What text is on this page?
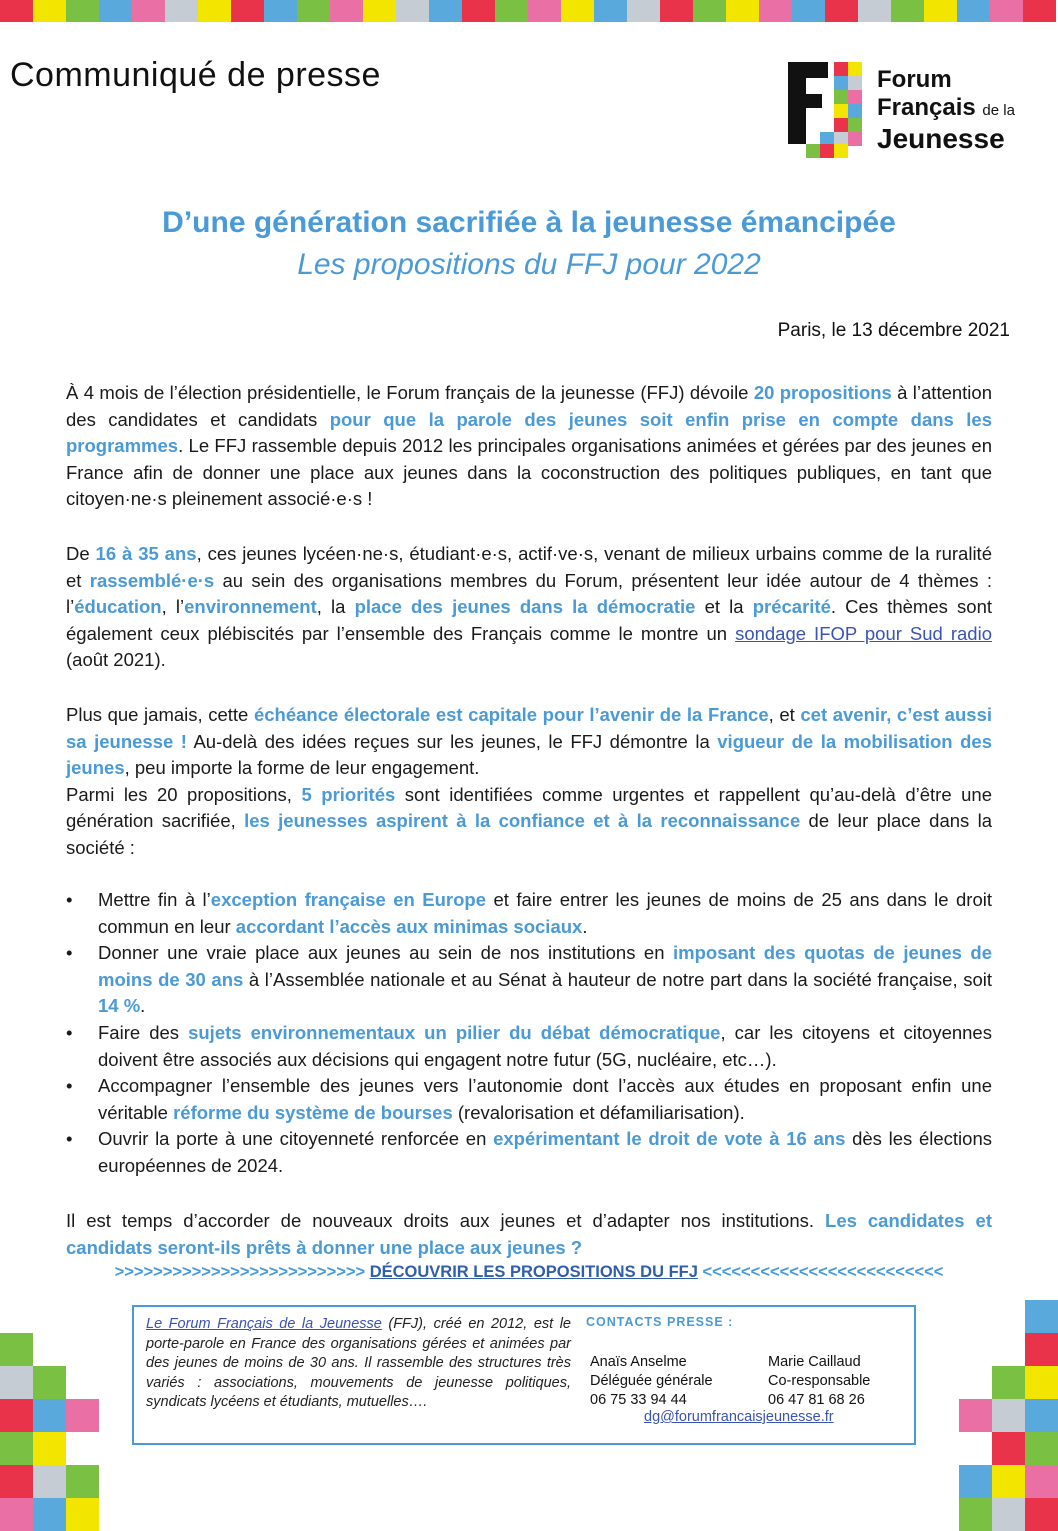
Communiqué de presse	Forum
Français de la
Jeunesse
D’une génération sacrifiée à la jeunesse émancipée
Les propositions du FFJ pour 2022
Paris, le 13 décembre 2021

À 4 mois de l’élection présidentielle, le Forum français de la jeunesse (FFJ) dévoile 20 propositions à l’attention des candidates et candidats pour que la parole des jeunes soit enfin prise en compte dans les programmes. Le FFJ rassemble depuis 2012 les principales organisations animées et gérées par des jeunes en France afin de donner une place aux jeunes dans la coconstruction des politiques publiques, en tant que citoyen·ne·s pleinement associé·e·s !

De 16 à 35 ans, ces jeunes lycéen·ne·s, étudiant·e·s, actif·ve·s, venant de milieux urbains comme de la ruralité et rassemblé·e·s au sein des organisations membres du Forum, présentent leur idée autour de 4 thèmes : l’éducation, l’environnement, la place des jeunes dans la démocratie et la précarité. Ces thèmes sont également ceux plébiscités par l’ensemble des Français comme le montre un sondage IFOP pour Sud radio (août 2021).

Plus que jamais, cette échéance électorale est capitale pour l’avenir de la France, et cet avenir, c’est aussi sa jeunesse ! Au-delà des idées reçues sur les jeunes, le FFJ démontre la vigueur de la mobilisation des jeunes, peu importe la forme de leur engagement.

Parmi les 20 propositions, 5 priorités sont identifiées comme urgentes et rappellent qu’au-delà d’être une génération sacrifiée, les jeunesses aspirent à la confiance et à la reconnaissance de leur place dans la société :

• Mettre fin à l’exception française en Europe et faire entrer les jeunes de moins de 25 ans dans le droit commun en leur accordant l’accès aux minimas sociaux.
• Donner une vraie place aux jeunes au sein de nos institutions en imposant des quotas de jeunes de moins de 30 ans à l’Assemblée nationale et au Sénat à hauteur de notre part dans la société française, soit 14 %.
• Faire des sujets environnementaux un pilier du débat démocratique, car les citoyens et citoyennes doivent être associés aux décisions qui engagent notre futur (5G, nucléaire, etc…).
• Accompagner l’ensemble des jeunes vers l’autonomie dont l’accès aux études en proposant enfin une véritable réforme du système de bourses (revalorisation et défamiliarisation).
• Ouvrir la porte à une citoyenneté renforcée en expérimentant le droit de vote à 16 ans dès les élections européennes de 2024.

Il est temps d’accorder de nouveaux droits aux jeunes et d’adapter nos institutions. Les candidates et candidats seront-ils prêts à donner une place aux jeunes ?

>>>>>>>>>>>>>>>>>>>>>>>>>> DÉCOUVRIR LES PROPOSITIONS DU FFJ <<<<<<<<<<<<<<<<<<<<<<<<<
Le Forum Français de la Jeunesse (FFJ), créé en 2012, est le porte-parole en France des organisations gérées et animées par des jeunes de moins de 30 ans. Il rassemble des structures très variés : associations, mouvements de jeunesse politiques, syndicats lycéens et étudiants, mutuelles….
CONTACTS PRESSE :
Anaïs Anselme
Déléguée générale
06 75 33 94 44
Marie Caillaud
Co-responsable
06 47 81 68 26
dg@forumfrancaisjeunesse.fr
